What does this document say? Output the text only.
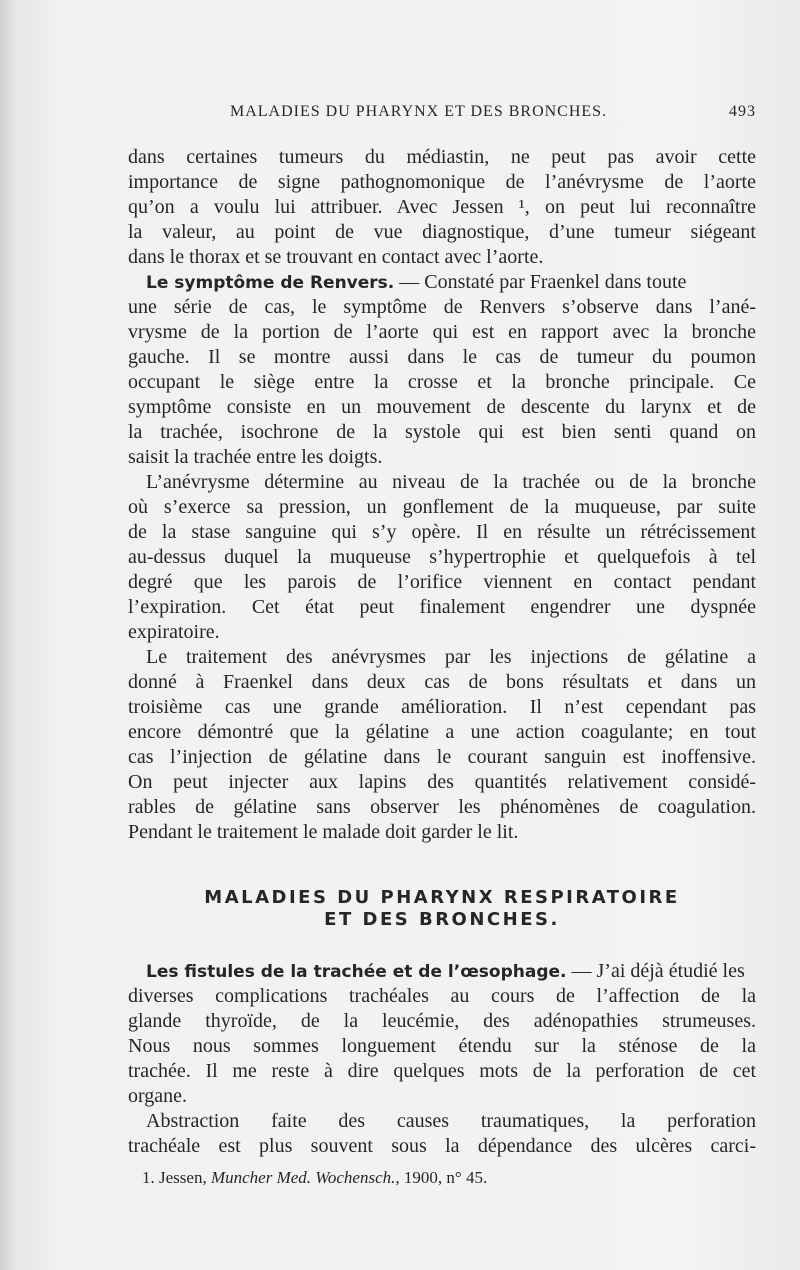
MALADIES DU PHARYNX ET DES BRONCHES.	493

dans certaines tumeurs du médiastin, ne peut pas avoir cette

importance de signe pathognomonique de l’anévrysme de l’aorte

qu’on a voulu lui attribuer. Avec Jessen ¹, on peut lui reconnaître

la valeur, au point de vue diagnostique, d’une tumeur siégeant

dans le thorax et se trouvant en contact avec l’aorte.

Le symptôme de Renvers. — Constaté par Fraenkel dans toute

une série de cas, le symptôme de Renvers s’observe dans l’ané-

vrysme de la portion de l’aorte qui est en rapport avec la bronche

gauche. Il se montre aussi dans le cas de tumeur du poumon

occupant le siège entre la crosse et la bronche principale. Ce

symptôme consiste en un mouvement de descente du larynx et de

la trachée, isochrone de la systole qui est bien senti quand on

saisit la trachée entre les doigts.

L’anévrysme détermine au niveau de la trachée ou de la bronche

où s’exerce sa pression, un gonflement de la muqueuse, par suite

de la stase sanguine qui s’y opère. Il en résulte un rétrécissement

au-dessus duquel la muqueuse s’hypertrophie et quelquefois à tel

degré que les parois de l’orifice viennent en contact pendant

l’expiration. Cet état peut finalement engendrer une dyspnée

expiratoire.

Le traitement des anévrysmes par les injections de gélatine a

donné à Fraenkel dans deux cas de bons résultats et dans un

troisième cas une grande amélioration. Il n’est cependant pas

encore démontré que la gélatine a une action coagulante; en tout

cas l’injection de gélatine dans le courant sanguin est inoffensive.

On peut injecter aux lapins des quantités relativement considé-

rables de gélatine sans observer les phénomènes de coagulation.

Pendant le traitement le malade doit garder le lit.

MALADIES DU PHARYNX RESPIRATOIRE
ET DES BRONCHES.

Les fistules de la trachée et de l’œsophage. — J’ai déjà étudié les

diverses complications trachéales au cours de l’affection de la

glande thyroïde, de la leucémie, des adénopathies strumeuses.

Nous nous sommes longuement étendu sur la sténose de la

trachée. Il me reste à dire quelques mots de la perforation de cet

organe.

Abstraction faite des causes traumatiques, la perforation

trachéale est plus souvent sous la dépendance des ulcères carci-

1. Jessen, Muncher Med. Wochensch., 1900, n° 45.
